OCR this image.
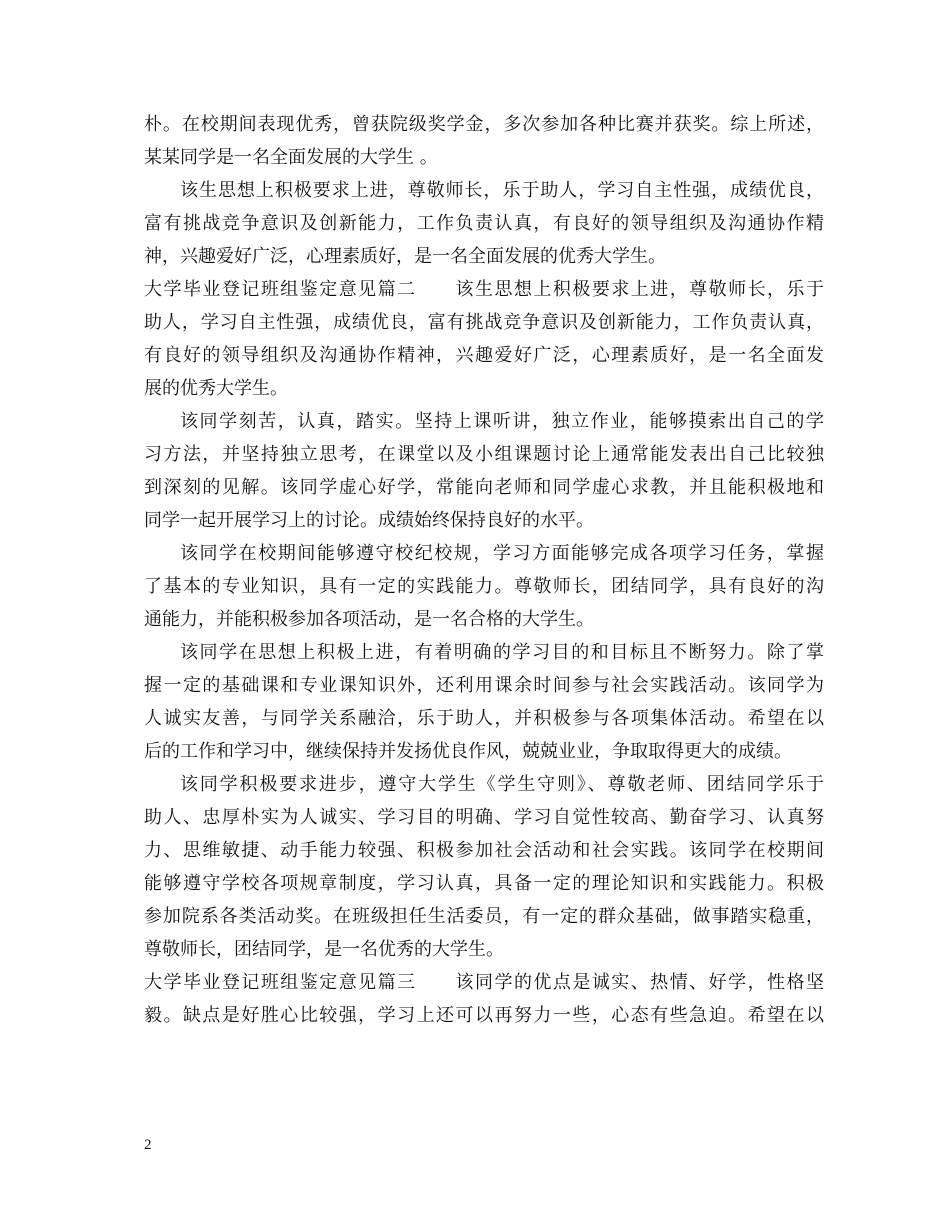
朴。在校期间表现优秀，曾获院级奖学金，多次参加各种比赛并获奖。综上所述，
某某同学是一名全面发展的大学生 。
该生思想上积极要求上进，尊敬师长，乐于助人，学习自主性强，成绩优良，
富有挑战竞争意识及创新能力，工作负责认真，有良好的领导组织及沟通协作精
神，兴趣爱好广泛，心理素质好，是一名全面发展的优秀大学生。
大学毕业登记班组鉴定意见篇二　　该生思想上积极要求上进，尊敬师长，乐于
助人，学习自主性强，成绩优良，富有挑战竞争意识及创新能力，工作负责认真，
有良好的领导组织及沟通协作精神，兴趣爱好广泛，心理素质好，是一名全面发
展的优秀大学生。
该同学刻苦，认真，踏实。坚持上课听讲，独立作业，能够摸索出自己的学
习方法，并坚持独立思考，在课堂以及小组课题讨论上通常能发表出自己比较独
到深刻的见解。该同学虚心好学，常能向老师和同学虚心求教，并且能积极地和
同学一起开展学习上的讨论。成绩始终保持良好的水平。
该同学在校期间能够遵守校纪校规，学习方面能够完成各项学习任务，掌握
了基本的专业知识，具有一定的实践能力。尊敬师长，团结同学，具有良好的沟
通能力，并能积极参加各项活动，是一名合格的大学生。
该同学在思想上积极上进，有着明确的学习目的和目标且不断努力。除了掌
握一定的基础课和专业课知识外，还利用课余时间参与社会实践活动。该同学为
人诚实友善，与同学关系融洽，乐于助人，并积极参与各项集体活动。希望在以
后的工作和学习中，继续保持并发扬优良作风，兢兢业业，争取取得更大的成绩。
该同学积极要求进步，遵守大学生《学生守则》、尊敬老师、团结同学乐于
助人、忠厚朴实为人诚实、学习目的明确、学习自觉性较高、勤奋学习、认真努
力、思维敏捷、动手能力较强、积极参加社会活动和社会实践。该同学在校期间
能够遵守学校各项规章制度，学习认真，具备一定的理论知识和实践能力。积极
参加院系各类活动奖。在班级担任生活委员，有一定的群众基础，做事踏实稳重，
尊敬师长，团结同学，是一名优秀的大学生。
大学毕业登记班组鉴定意见篇三　　该同学的优点是诚实、热情、好学，性格坚
毅。缺点是好胜心比较强，学习上还可以再努力一些，心态有些急迫。希望在以
2
